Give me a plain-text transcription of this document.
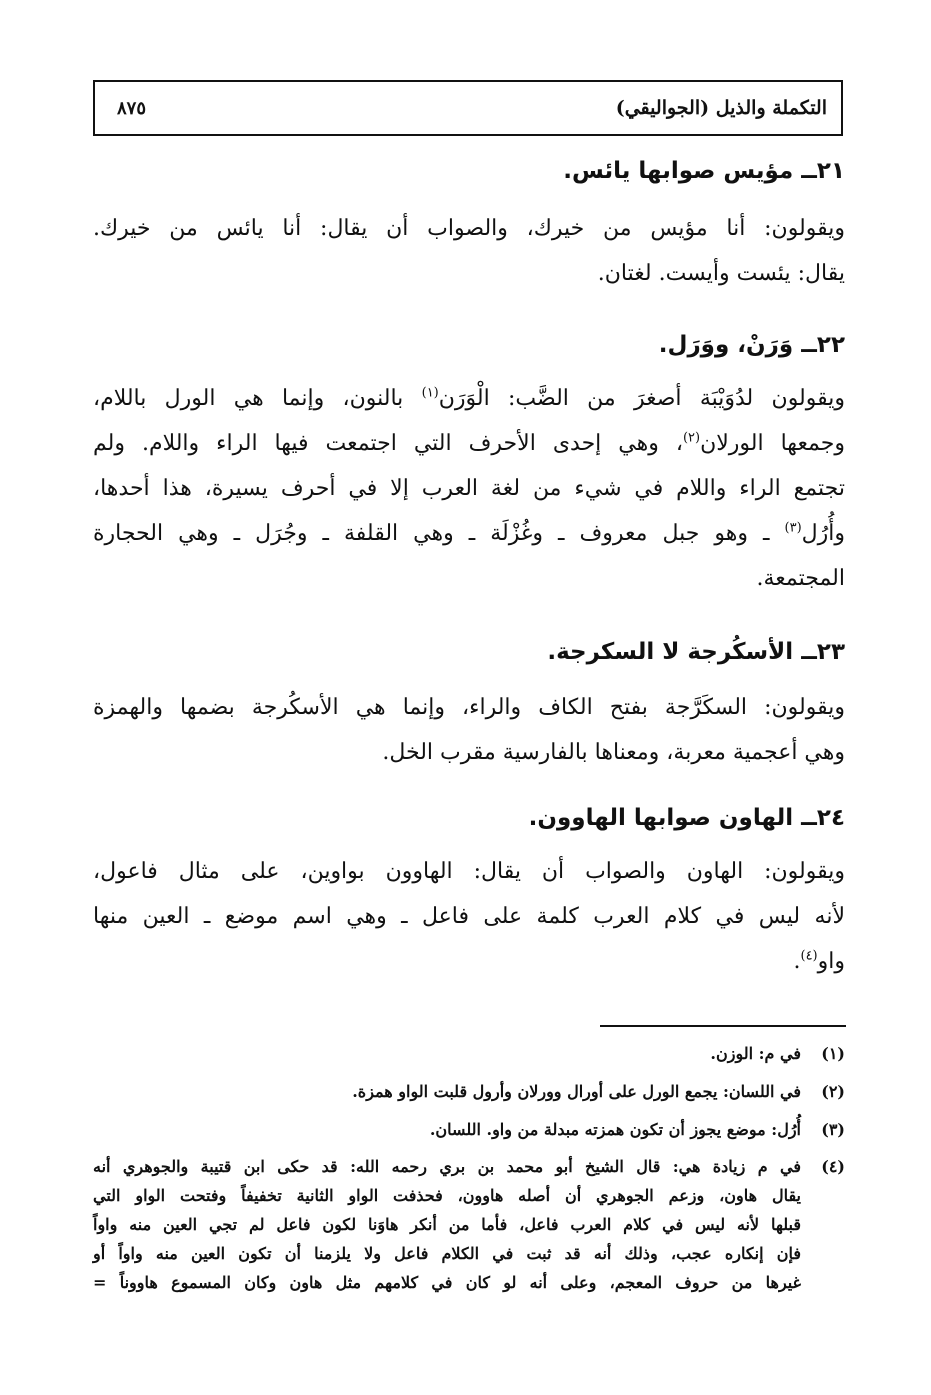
التكملة والذيل (الجواليقي)
٨٧٥
٢١ــ مؤيس صوابها يائس.
ويقولون: أنا مؤيس من خيرك، والصواب أن يقال: أنا يائس من خيرك.
يقال: يئست وأيست. لغتان.
٢٢ــ وَرَنْ، ووَرَل.
ويقولون لدُوَيْبَة أصغرَ من الضَّب: الْوَرَن$^{(١)}$ بالنون، وإنما هي الورل باللام،
وجمعها الورلان$^{(٢)}$، وهي إحدى الأحرف التي اجتمعت فيها الراء واللام. ولم
تجتمع الراء واللام في شيء من لغة العرب إلا في أحرف يسيرة، هذا أحدها،
وأُرُل$^{(٣)}$ ـ وهو جبل معروف ـ وغُزْلَة ـ وهي القلفة ـ وجُرَل ـ وهي الحجارة
المجتمعة.
٢٣ــ الأسكُرجة لا السكرجة.
ويقولون: السكَرَّجة بفتح الكاف والراء، وإنما هي الأسكُرجة بضمها والهمزة
وهي أعجمية معربة، ومعناها بالفارسية مقرب الخل.
٢٤ــ الهاون صوابها الهاوون.
ويقولون: الهاون والصواب أن يقال: الهاوون بواوين، على مثال فاعول،
لأنه ليس في كلام العرب كلمة على فاعل ـ وهي اسم موضع ـ العين منها
واو$^{(٤)}$.
(١)
في م: الوزن.
(٢)
في اللسان: يجمع الورل على أورال وورلان وأرول قلبت الواو همزة.
(٣)
أُرُل: موضع يجوز أن تكون همزته مبدلة من واو. اللسان.
(٤)
في م زيادة هي: قال الشيخ أبو محمد بن بري رحمه الله: قد حكى ابن قتيبة والجوهري أنه
يقال هاون، وزعم الجوهري أن أصله هاوون، فحذفت الواو الثانية تخفيفاً وفتحت الواو التي
قبلها لأنه ليس في كلام العرب فاعل، فأما من أنكر هاوَنا لكون فاعل لم تجي العين منه واواً
فإن إنكاره عجب، وذلك أنه قد ثبت في الكلام فاعل ولا يلزمنا أن تكون العين منه واواً أو
غيرها من حروف المعجم، وعلى أنه لو كان في كلامهم مثل هاون وكان المسموع هاووناً =
